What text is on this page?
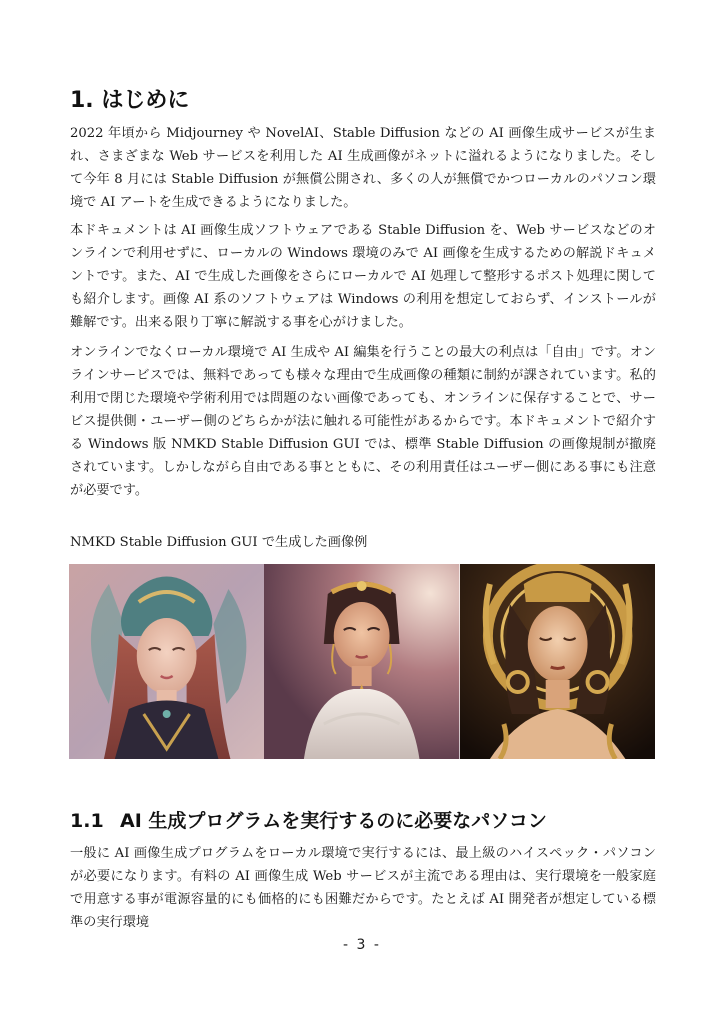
1. はじめに

2022 年頃から Midjourney や NovelAI、Stable Diffusion などの AI 画像生成サービスが生まれ、さまざまな Web サービスを利用した AI 生成画像がネットに溢れるようになりました。そして今年 8 月には Stable Diffusion が無償公開され、多くの人が無償でかつローカルのパソコン環境で AI アートを生成できるようになりました。

本ドキュメントは AI 画像生成ソフトウェアである Stable Diffusion を、Web サービスなどのオンラインで利用せずに、ローカルの Windows 環境のみで AI 画像を生成するための解説ドキュメントです。また、AI で生成した画像をさらにローカルで AI 処理して整形するポスト処理に関しても紹介します。画像 AI 系のソフトウェアは Windows の利用を想定しておらず、インストールが難解です。出来る限り丁寧に解説する事を心がけました。

オンラインでなくローカル環境で AI 生成や AI 編集を行うことの最大の利点は「自由」です。オンラインサービスでは、無料であっても様々な理由で生成画像の種類に制約が課されています。私的利用で閉じた環境や学術利用では問題のない画像であっても、オンラインに保存することで、サービス提供側・ユーザー側のどちらかが法に触れる可能性があるからです。本ドキュメントで紹介する Windows 版 NMKD Stable Diffusion GUI では、標準 Stable Diffusion の画像規制が撤廃されています。しかしながら自由である事とともに、その利用責任はユーザー側にある事にも注意が必要です。

NMKD Stable Diffusion GUI で生成した画像例

1.1 AI 生成プログラムを実行するのに必要なパソコン

一般に AI 画像生成プログラムをローカル環境で実行するには、最上級のハイスペック・パソコンが必要になります。有料の AI 画像生成 Web サービスが主流である理由は、実行環境を一般家庭で用意する事が電源容量的にも価格的にも困難だからです。たとえば AI 開発者が想定している標準の実行環境

- 3 -
